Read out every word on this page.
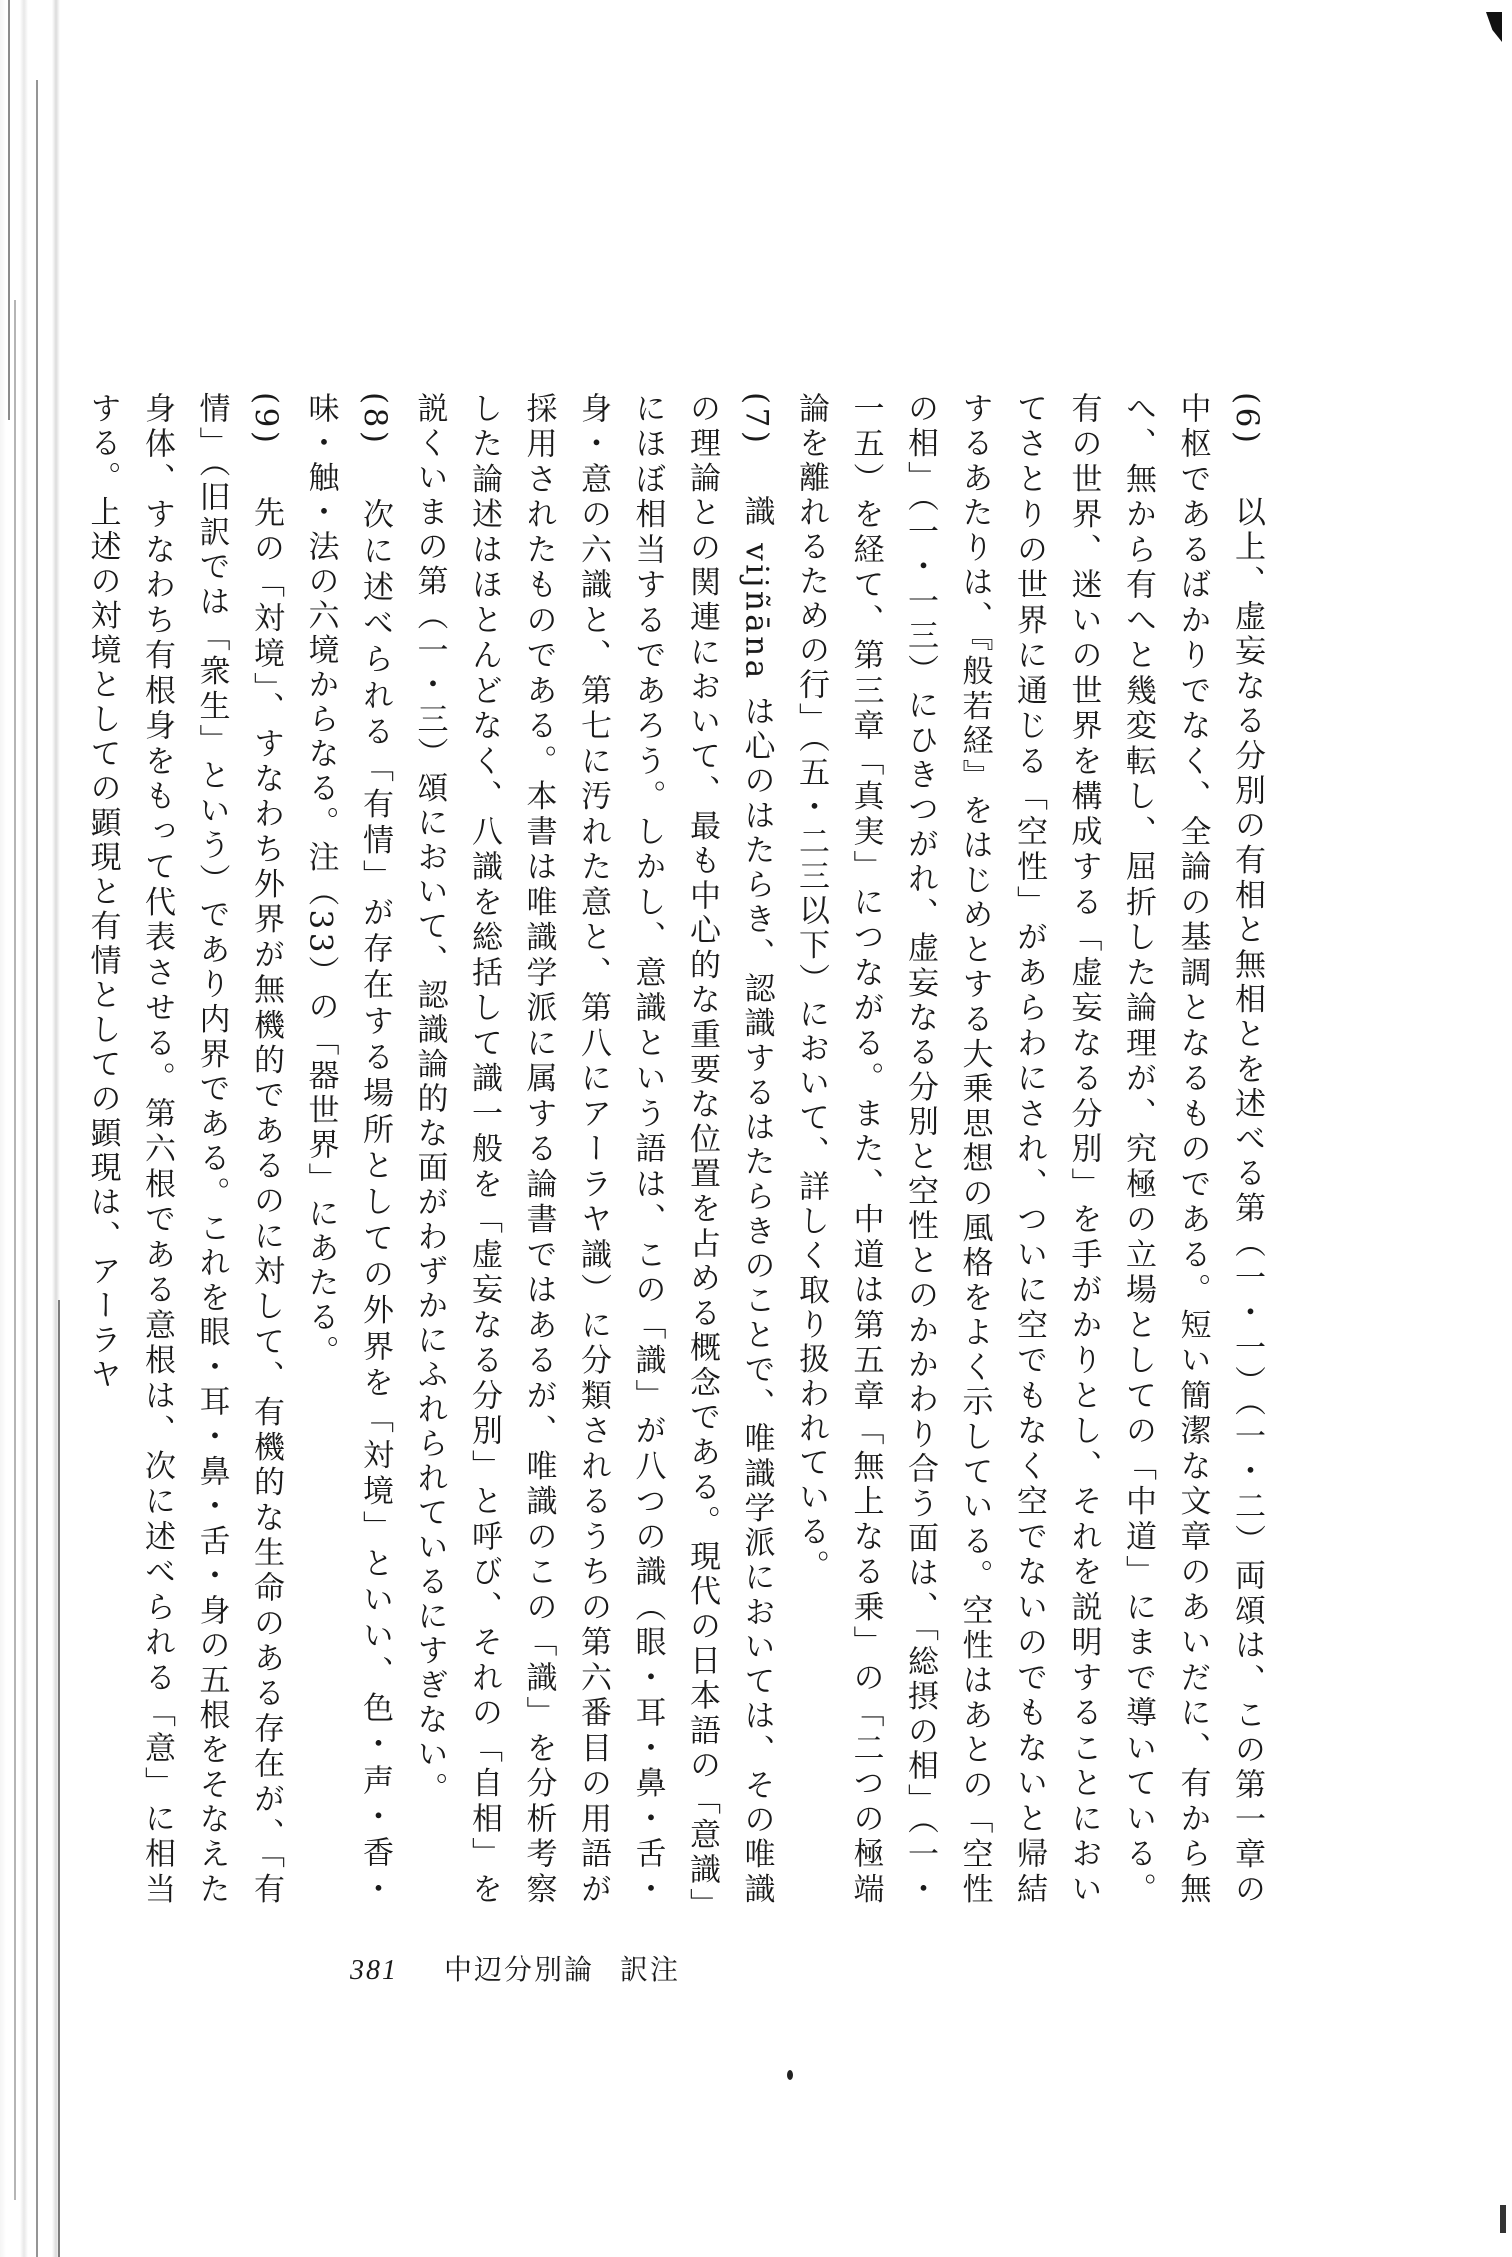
(6)　以上、虚妄なる分別の有相と無相とを述べる第（一・一）（一・二）両頌は、この第一章の中枢であるばかりでなく、全論の基調となるものである。短い簡潔な文章のあいだに、有から無へ、無から有へと幾変転し、屈折した論理が、究極の立場としての「中道」にまで導いている。有の世界、迷いの世界を構成する「虚妄なる分別」を手がかりとし、それを説明することにおいてさとりの世界に通じる「空性」があらわにされ、ついに空でもなく空でないのでもないと帰結するあたりは、『般若経』をはじめとする大乗思想の風格をよく示している。空性はあとの「空性の相」（一・一三）にひきつがれ、虚妄なる分別と空性とのかかわり合う面は、「総摂の相」（一・一五）を経て、第三章「真実」につながる。また、中道は第五章「無上なる乗」の「二つの極端論を離れるための行」（五・二三以下）において、詳しく取り扱われている。

(7)　識 vijñāna は心のはたらき、認識するはたらきのことで、唯識学派においては、その唯識の理論との関連において、最も中心的な重要な位置を占める概念である。現代の日本語の「意識」にほぼ相当するであろう。しかし、意識という語は、この「識」が八つの識（眼・耳・鼻・舌・身・意の六識と、第七に汚れた意と、第八にアーラヤ識）に分類されるうちの第六番目の用語が採用されたものである。本書は唯識学派に属する論書ではあるが、唯識のこの「識」を分析考察した論述はほとんどなく、八識を総括して識一般を「虚妄なる分別」と呼び、それの「自相」を説くいまの第（一・三）頌において、認識論的な面がわずかにふれられているにすぎない。

(8)　次に述べられる「有情」が存在する場所としての外界を「対境」といい、色・声・香・味・触・法の六境からなる。注（33）の「器世界」にあたる。

(9)　先の「対境」、すなわち外界が無機的であるのに対して、有機的な生命のある存在が、「有情」（旧訳では「衆生」という）であり内界である。これを眼・耳・鼻・舌・身の五根をそなえた身体、すなわち有根身をもって代表させる。第六根である意根は、次に述べられる「意」に相当する。上述の対境としての顕現と有情としての顕現は、アーラヤ

381 中辺分別論 訳注
